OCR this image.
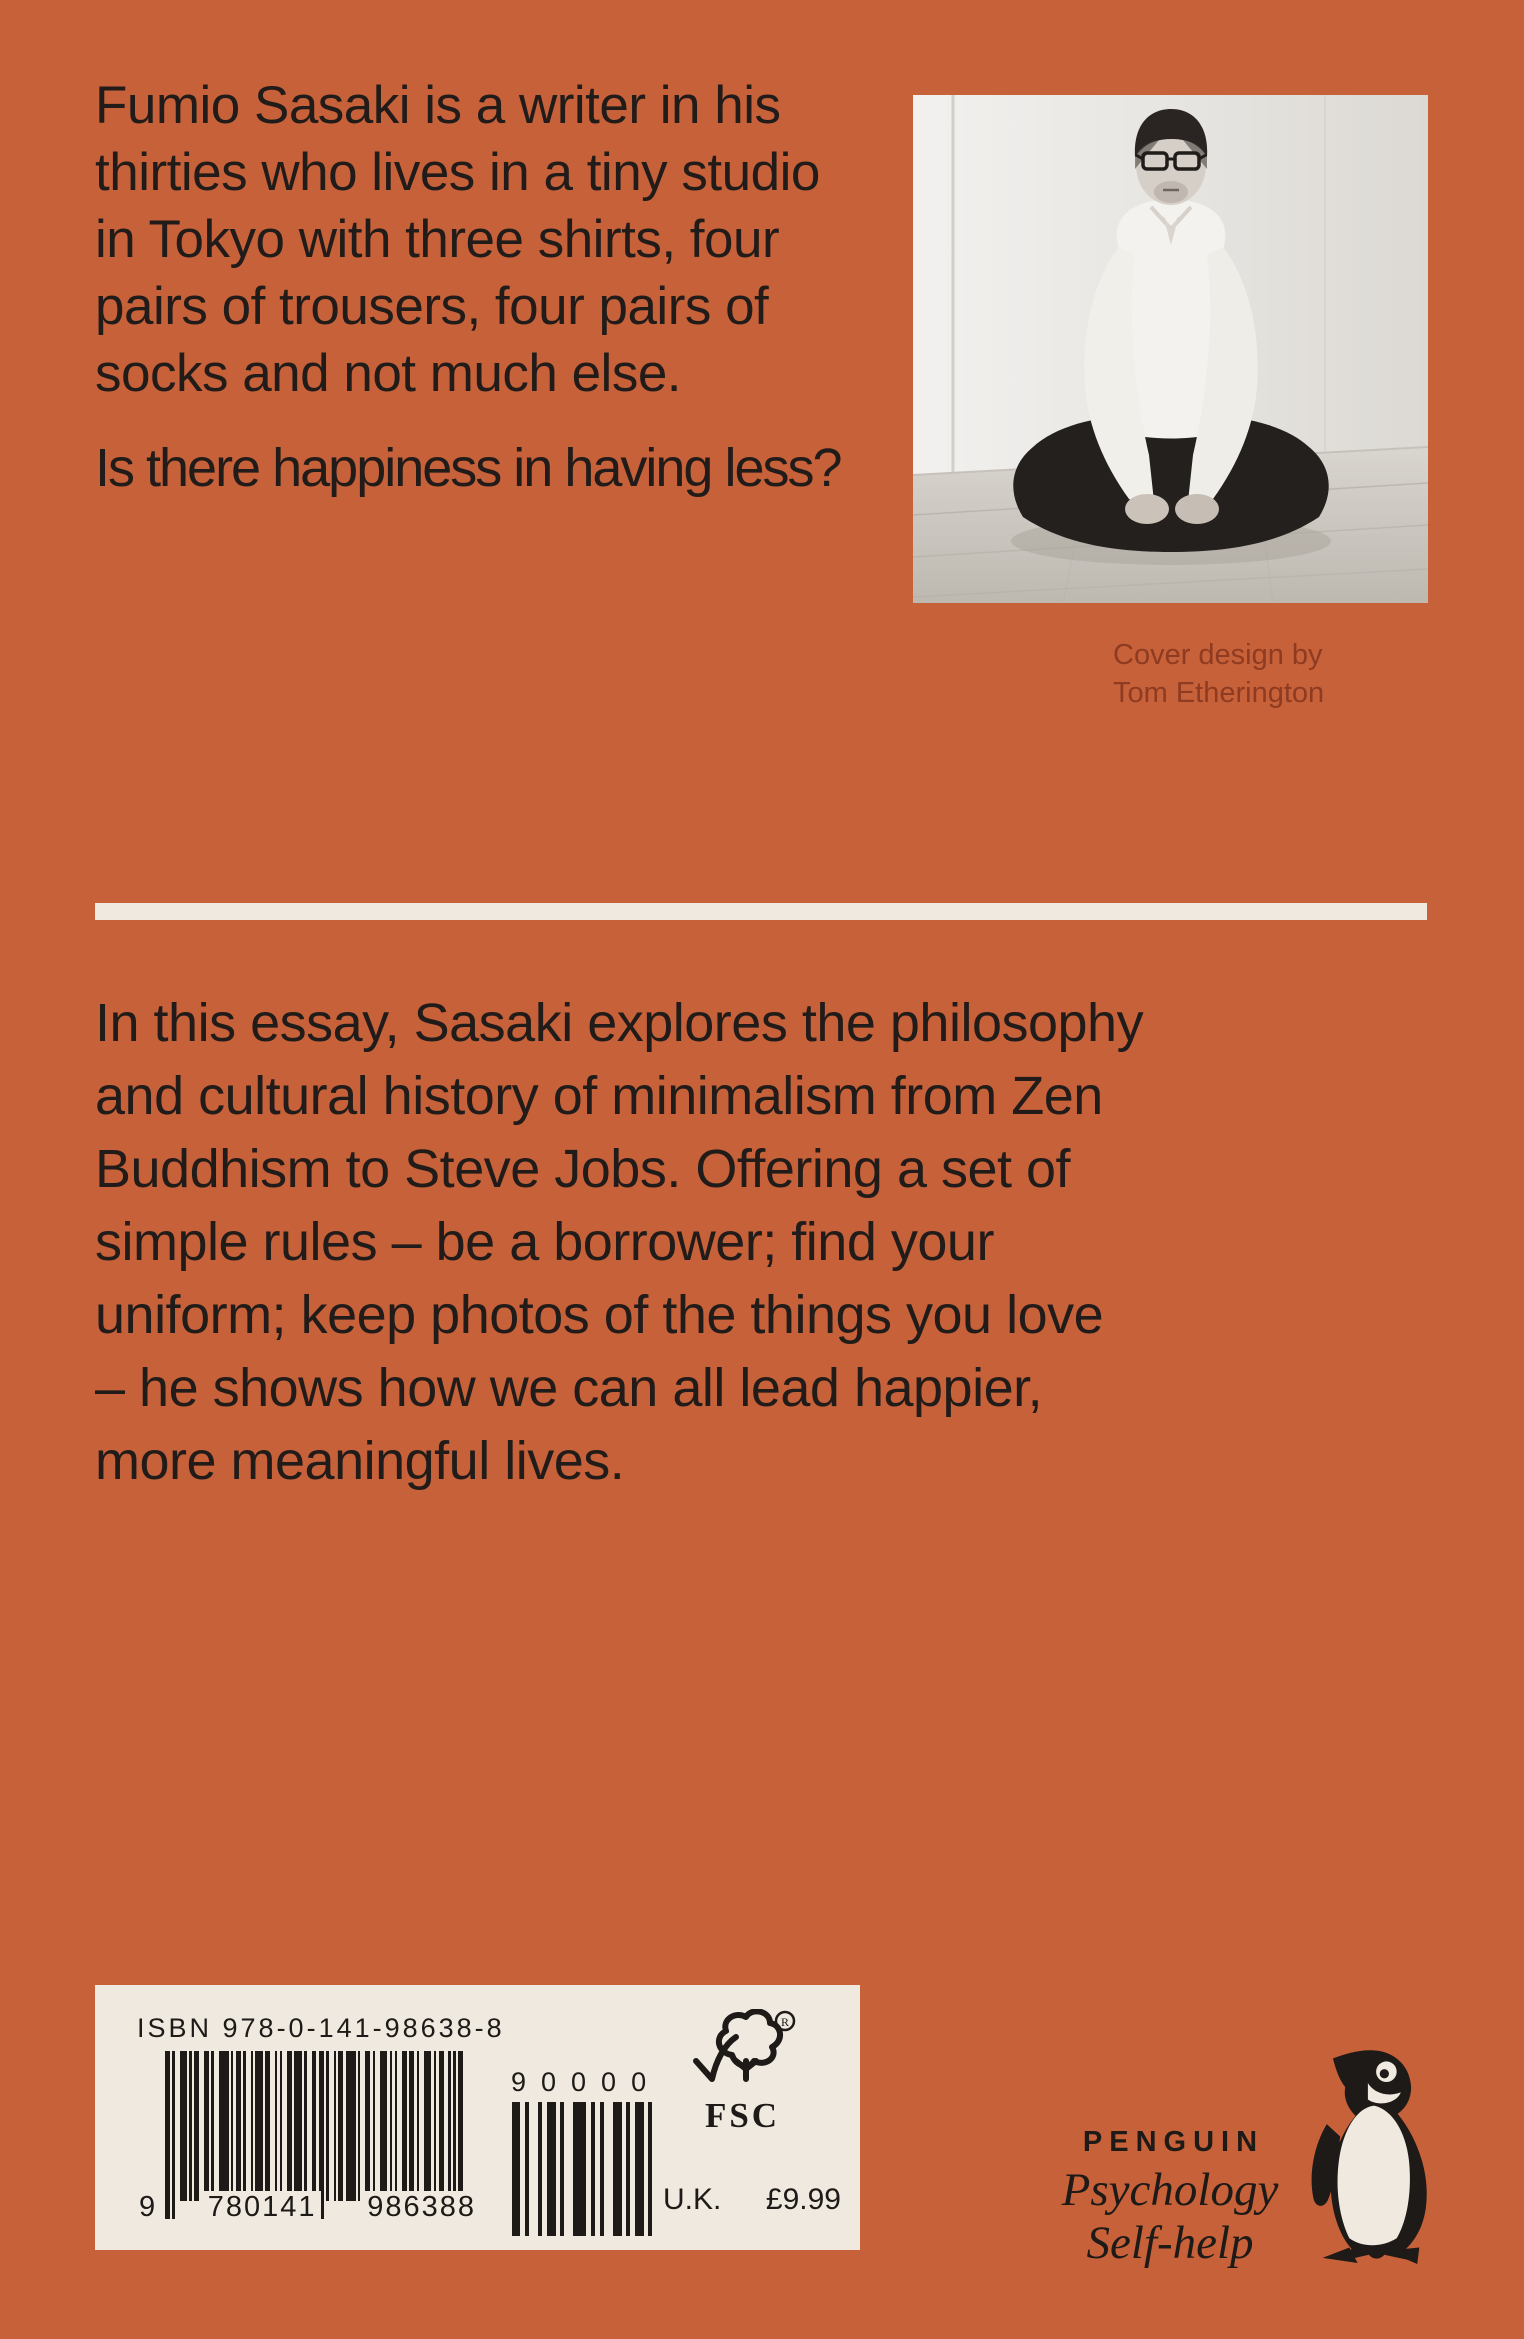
Fumio Sasaki is a writer in his
thirties who lives in a tiny studio
in Tokyo with three shirts, four
pairs of trousers, four pairs of
socks and not much else.
Is there happiness in having less?
Cover design by
Tom Etherington
In this essay, Sasaki explores the philosophy
and cultural history of minimalism from Zen
Buddhism to Steve Jobs. Offering a set of
simple rules – be a borrower; find your
uniform; keep photos of the things you love
– he shows how we can all lead happier,
more meaningful lives.
ISBN 978-0-141-98638-8
9 780141 986388
90000
R
FSC
U.K. £9.99
PENGUIN
Psychology
Self-help
